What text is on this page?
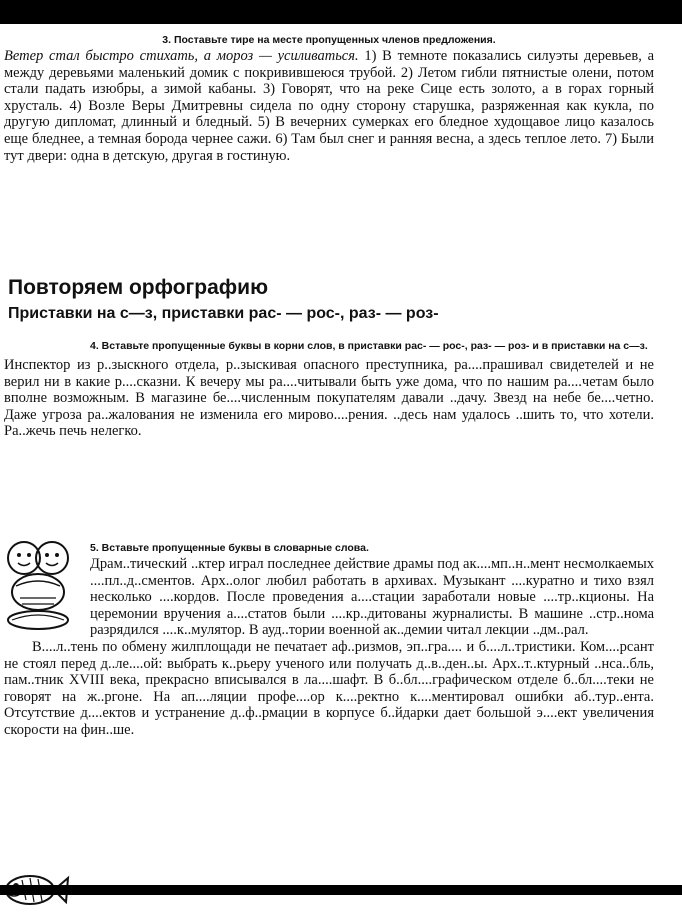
3. Поставьте тире на месте пропущенных членов предложения.

Ветер стал быстро стихать, а мороз — усиливаться. 1) В темноте показались силуэты деревьев, а между деревьями маленький домик с покривившеюся трубой. 2) Летом гибли пятнистые олени, потом стали падать изюбры, а зимой кабаны. 3) Говорят, что на реке Сице есть золото, а в горах горный хрусталь. 4) Возле Веры Дмитревны сидела по одну сторону старушка, разряженная как кукла, по другую дипломат, длинный и бледный. 5) В вечерних сумерках его бледное худощавое лицо казалось еще бледнее, а темная борода чернее сажи. 6) Там был снег и ранняя весна, а здесь теплое лето. 7) Были тут двери: одна в детскую, другая в гостиную.

Повторяем орфографию
Приставки на с—з, приставки рас- — рос-, раз- — роз-
4. Вставьте пропущенные буквы в корни слов, в приставки рас- — рос-, раз- — роз- и в приставки на с—з.

Инспектор из р..зыскного отдела, р..зыскивая опасного преступника, ра....прашивал свидетелей и не верил ни в какие р....сказни. К вечеру мы ра....читывали быть уже дома, что по нашим ра....четам было вполне возможным. В магазине бе....численным покупателям давали ..дачу. Звезд на небе бе....четно. Даже угроза ра..жалования не изменила его мирово....рения. ..десь нам удалось ..шить то, что хотели. Ра..жечь печь нелегко.

5. Вставьте пропущенные буквы в словарные слова.

Драм..тический ..ктер играл последнее действие драмы под ак....мп..н..мент несмолкаемых ....пл..д..сментов. Арх..олог любил работать в архивах. Музыкант ....куратно и тихо взял несколько ....кордов. После проведения а....стации заработали новые ....тр..кционы. На церемонии вручения а....статов были ....кр..дитованы журналисты. В машине ..стр..нома разрядился ....к..мулятор. В ауд..тории военной ак..демии читал лекции ..дм..рал.

В....л..тень по обмену жилплощади не печатает аф..ризмов, эп..гра.... и б....л..тристики. Ком....рсант не стоял перед д..ле....ой: выбрать к..рьеру ученого или получать д..в..ден..ы. Арх..т..ктурный ..нса..бль, пам..тник XVIII века, прекрасно вписывался в ла....шафт. В б..бл....графическом отделе б..бл....теки не говорят на ж..ргоне. На ап....ляции профе....ор к....ректно к....ментировал ошибки аб..тур..ента. Отсутствие д....ектов и устранение д..ф..рмации в корпусе б..йдарки дает большой э....ект увеличения скорости на фин..ше.
